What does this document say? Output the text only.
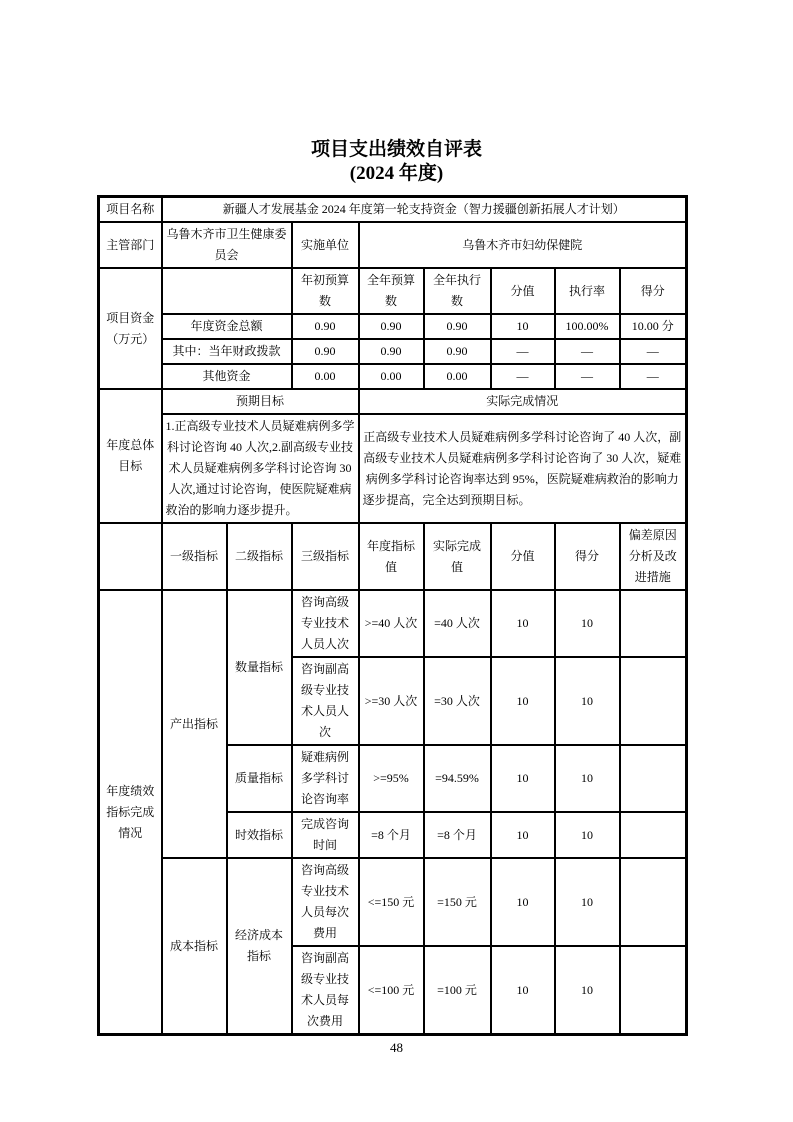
项目支出绩效自评表
(2024 年度)
项目名称	新疆人才发展基金 2024 年度第一轮支持资金（智力援疆创新拓展人才计划）							
主管部门	乌鲁木齐市卫生健康委员会		实施单位	乌鲁木齐市妇幼保健院				
项目资金（万元）			年初预算数	全年预算数	全年执行数	分值	执行率	得分
	年度资金总额		0.90	0.90	0.90	10	100.00%	10.00 分
	其中：当年财政拨款		0.90	0.90	0.90	—	—	—
	其他资金		0.00	0.00	0.00	—	—	—
年度总体目标	预期目标			实际完成情况				
	1.正高级专业技术人员疑难病例多学科讨论咨询 40 人次,2.副高级专业技术人员疑难病例多学科讨论咨询 30 人次,通过讨论咨询，使医院疑难病救治的影响力逐步提升。			正高级专业技术人员疑难病例多学科讨论咨询了 40 人次，副高级专业技术人员疑难病例多学科讨论咨询了 30 人次，疑难病例多学科讨论咨询率达到 95%，医院疑难病救治的影响力逐步提高，完全达到预期目标。				
	一级指标	二级指标	三级指标	年度指标值	实际完成值	分值	得分	偏差原因分析及改进措施
年度绩效指标完成情况	产出指标	数量指标	咨询高级专业技术人员人次	>=40 人次	=40 人次	10	10	
			咨询副高级专业技术人员人次	>=30 人次	=30 人次	10	10	
		质量指标	疑难病例多学科讨论咨询率	>=95%	=94.59%	10	10	
		时效指标	完成咨询时间	=8 个月	=8 个月	10	10	
	成本指标	经济成本指标	咨询高级专业技术人员每次费用	<=150 元	=150 元	10	10	
			咨询副高级专业技术人员每次费用	<=100 元	=100 元	10	10	
48
